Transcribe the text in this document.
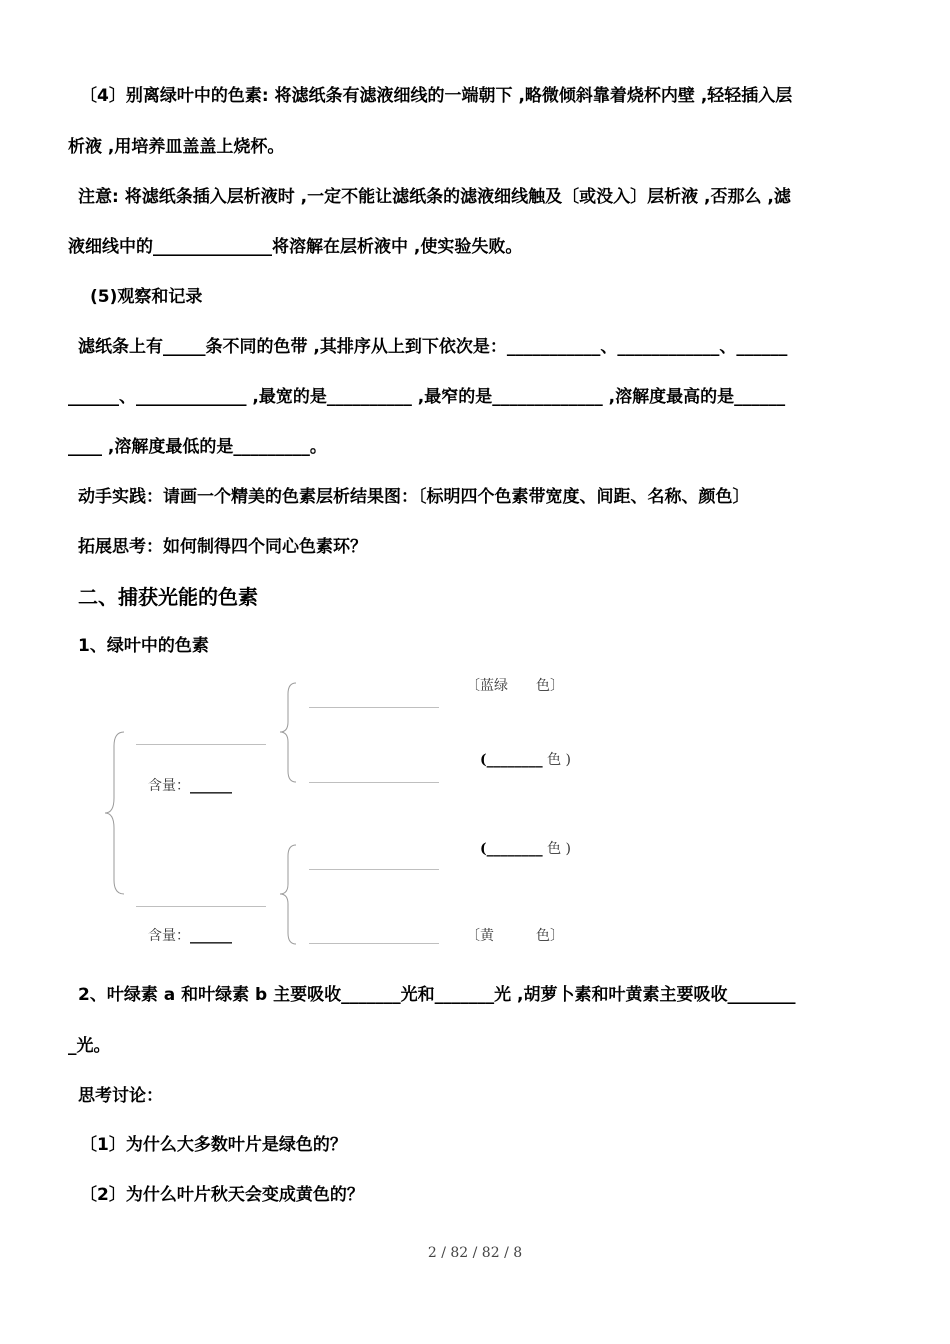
〔4〕别离绿叶中的色素: 将滤纸条有滤液细线的一端朝下 ,略微倾斜靠着烧杯内壁 ,轻轻插入层
析液 ,用培养皿盖盖上烧杯。
注意: 将滤纸条插入层析液时 ,一定不能让滤纸条的滤液细线触及〔或没入〕层析液 ,否那么 ,滤
液细线中的______________将溶解在层析液中 ,使实验失败。
(5)观察和记录
滤纸条上有_____条不同的色带 ,其排序从上到下依次是：___________、____________、______
______、_____________ ,最宽的是__________ ,最窄的是_____________ ,溶解度最高的是______
____ ,溶解度最低的是_________。
动手实践：请画一个精美的色素层析结果图：〔标明四个色素带宽度、间距、名称、颜色〕
拓展思考：如何制得四个同心色素环？
二、捕获光能的色素
1、绿叶中的色素
含量：______
含量：______
〔蓝绿　　色〕
(________ 色 )
(________ 色 )
〔黄　　　色〕
2、叶绿素 a 和叶绿素 b 主要吸收_______光和_______光 ,胡萝卜素和叶黄素主要吸收________
_光。
思考讨论：
〔1〕为什么大多数叶片是绿色的？
〔2〕为什么叶片秋天会变成黄色的？
2 / 82 / 82 / 8
